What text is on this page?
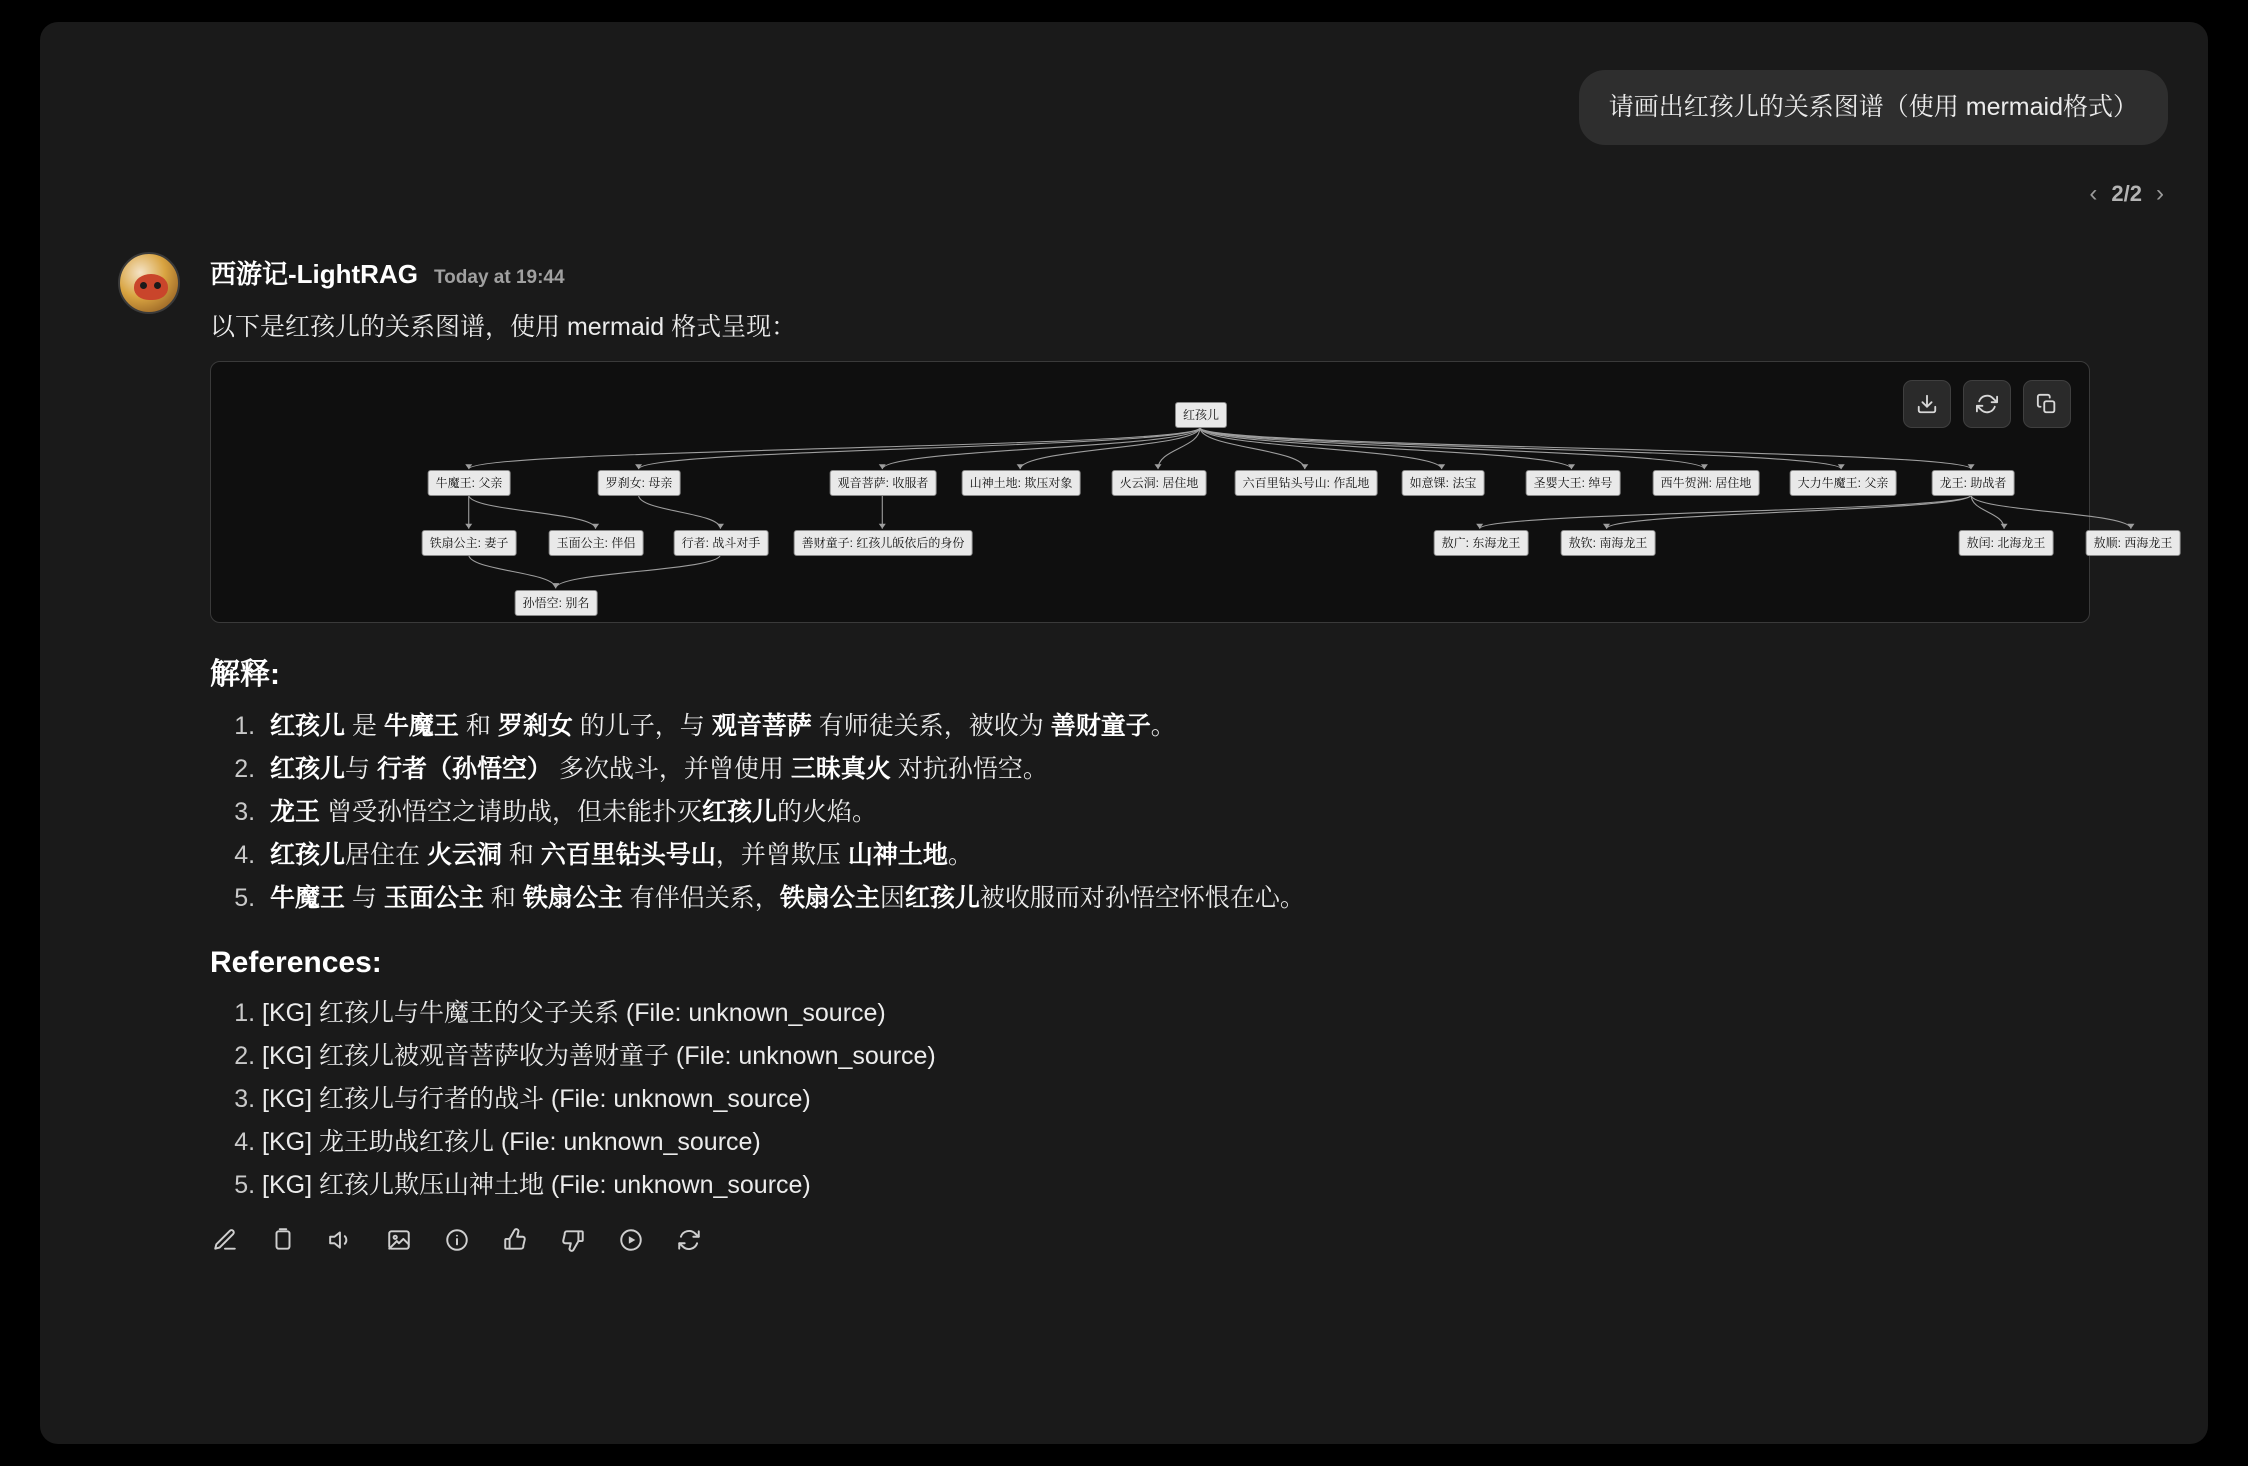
请画出红孩儿的关系图谱（使用 mermaid格式）
‹ 2/2 ›
西游记-LightRAG Today at 19:44
以下是红孩儿的关系图谱，使用 mermaid 格式呈现：
红孩儿
牛魔王: 父亲	罗刹女: 母亲	观音菩萨: 收服者	山神土地: 欺压对象	火云洞: 居住地	六百里钻头号山: 作乱地	如意锞: 法宝	圣婴大王: 绰号	西牛贺洲: 居住地	大力牛魔王: 父亲	龙王: 助战者
铁扇公主: 妻子	玉面公主: 伴侣	行者: 战斗对手	善财童子: 红孩儿皈依后的身份
孙悟空: 别名
敖广: 东海龙王	敖钦: 南海龙王	敖闰: 北海龙王	敖顺: 西海龙王
解释:
1. 红孩儿 是 牛魔王 和 罗刹女 的儿子，与 观音菩萨 有师徒关系，被收为 善财童子。
2. 红孩儿与 行者（孙悟空） 多次战斗，并曾使用 三昧真火 对抗孙悟空。
3. 龙王 曾受孙悟空之请助战，但未能扑灭红孩儿的火焰。
4. 红孩儿居住在 火云洞 和 六百里钻头号山，并曾欺压 山神土地。
5. 牛魔王 与 玉面公主 和 铁扇公主 有伴侣关系，铁扇公主因红孩儿被收服而对孙悟空怀恨在心。
References:
1. [KG] 红孩儿与牛魔王的父子关系 (File: unknown_source)
2. [KG] 红孩儿被观音菩萨收为善财童子 (File: unknown_source)
3. [KG] 红孩儿与行者的战斗 (File: unknown_source)
4. [KG] 龙王助战红孩儿 (File: unknown_source)
5. [KG] 红孩儿欺压山神土地 (File: unknown_source)
